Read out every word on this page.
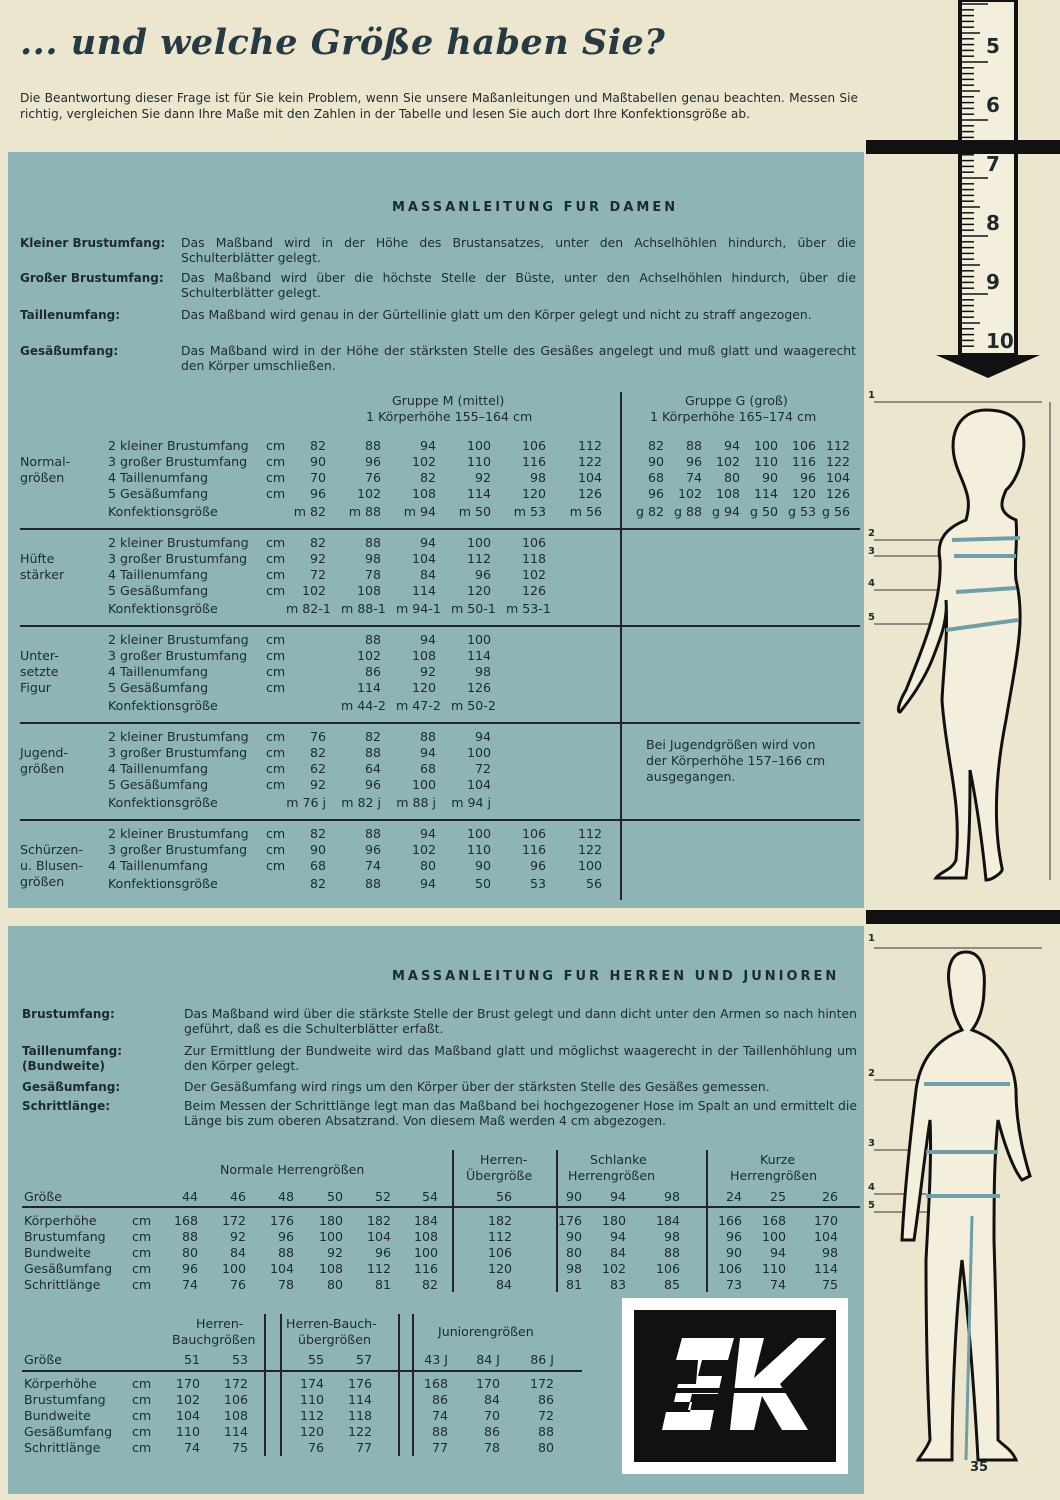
... und welche Größe haben Sie?
Die Beantwortung dieser Frage ist für Sie kein Problem, wenn Sie unsere Maßanleitungen und Maßtabellen genau beachten. Messen Sie richtig, vergleichen Sie dann Ihre Maße mit den Zahlen in der Tabelle und lesen Sie auch dort Ihre Konfektionsgröße ab.
MASSANLEITUNG FUR DAMEN
MASSANLEITUNG FUR HERREN UND JUNIOREN
Kleiner Brustumfang: Das Maßband wird in der Höhe des Brustansatzes, unter den Achselhöhlen hindurch, über die Schulterblätter gelegt.
Großer Brustumfang: Das Maßband wird über die höchste Stelle der Büste, unter den Achselhöhlen hindurch, über die Schulterblätter gelegt.
Taillenumfang:	Das Maßband wird genau in der Gürtellinie glatt um den Körper gelegt und nicht zu straff angezogen.
Gesäßumfang:	Das Maßband wird in der Höhe der stärksten Stelle des Gesäßes angelegt und muß glatt und waagerecht den Körper umschließen.
Gruppe M (mittel)
1 Körperhöhe 155–164 cm
Gruppe G (groß)
1 Körperhöhe 165–174 cm
Normal-
größen
2 kleiner Brustumfang cm	82	88	94	100	106	112	82	88	94	100	106 112
3 großer Brustumfang cm	90	96	102	110	116	122	90	96	102	110	116 122
4 Taillenumfang	cm	70	76	82	92	98	104	68	74	80	90	96 104
5 Gesäßumfang	cm	96	102	108	114	120	126	96	102	108	114	120 126
Konfektionsgröße	m 82	m 88	m 94	m 50	m 53	m 56	g 82 g 88 g 94 g 50 g 53 g 56
Hüfte
stärker
2 kleiner Brustumfang cm	82	88	94	100	106
3 großer Brustumfang cm	92	98	104	112	118
4 Taillenumfang	cm	72	78	84	96	102
5 Gesäßumfang	cm	102	108	114	120	126
Konfektionsgröße	m 82-1 m 88-1 m 94-1 m 50-1 m 53-1
Unter-
setzte
Figur
2 kleiner Brustumfang cm	88	94	100
3 großer Brustumfang cm	102	108	114
4 Taillenumfang	cm	86	92	98
5 Gesäßumfang	cm	114	120	126
Konfektionsgröße	m 44-2 m 47-2 m 50-2
Jugend-
größen
2 kleiner Brustumfang cm	76	82	88	94
3 großer Brustumfang cm	82	88	94	100
4 Taillenumfang	cm	62	64	68	72
5 Gesäßumfang	cm	92	96	100	104
Konfektionsgröße	m 76 j m 82 j m 88 j m 94 j
Bei Jugendgrößen wird von
der Körperhöhe 157–166 cm
ausgegangen.
Schürzen-
u. Blusen-
größen
2 kleiner Brustumfang cm	82	88	94	100	106	112
3 großer Brustumfang cm	90	96	102	110	116	122
4 Taillenumfang	cm	68	74	80	90	96	100
Konfektionsgröße	82	88	94	50	53	56
Brustumfang:	Das Maßband wird über die stärkste Stelle der Brust gelegt und dann dicht unter den Armen so nach hinten geführt, daß es die Schulterblätter erfaßt.
Taillenumfang:
(Bundweite)
Zur Ermittlung der Bundweite wird das Maßband glatt und möglichst waagerecht in der Taillenhöhlung um den Körper gelegt.
Gesäßumfang:	Der Gesäßumfang wird rings um den Körper über der stärksten Stelle des Gesäßes gemessen.
Schrittlänge:	Beim Messen der Schrittlänge legt man das Maßband bei hochgezogener Hose im Spalt an und ermittelt die Länge bis zum oberen Absatzrand. Von diesem Maß werden 4 cm abgezogen.
Normale Herrengrößen
Herren-
Übergröße
Schlanke
Herrengrößen
Kurze
Herrengrößen
Größe	44	46	48	50	52	54	56	90	94	98	24	25	26
Körperhöhe	cm	168	172	176	180	182	184	182	176	180	184	166	168	170
Brustumfang cm	88	92	96	100	104	108	112	90	94	98	96	100	104
Bundweite	cm	80	84	88	92	96	100	106	80	84	88	90	94	98
Gesäßumfang cm	96	100	104	108	112	116	120	98	102	106	106	110	114
Schrittlänge	cm	74	76	78	80	81	82	84	81	83	85	73	74	75
Herren-
Bauchgrößen
Herren-Bauch-
übergrößen
Juniorengrößen
Größe	51	53	55	57	43 J	84 J	86 J
Körperhöhe	cm	170	172	174	176	168	170	172
Brustumfang cm	102	106	110	114	86	84	86
Bundweite	cm	104	108	112	118	74	70	72
Gesäßumfang cm	110	114	120	122	88	86	88
Schrittlänge	cm	74	75	76	77	77	78	80
5
6
7
8
9
10
1
2
3
4
5
1
2
3
4
5
35
